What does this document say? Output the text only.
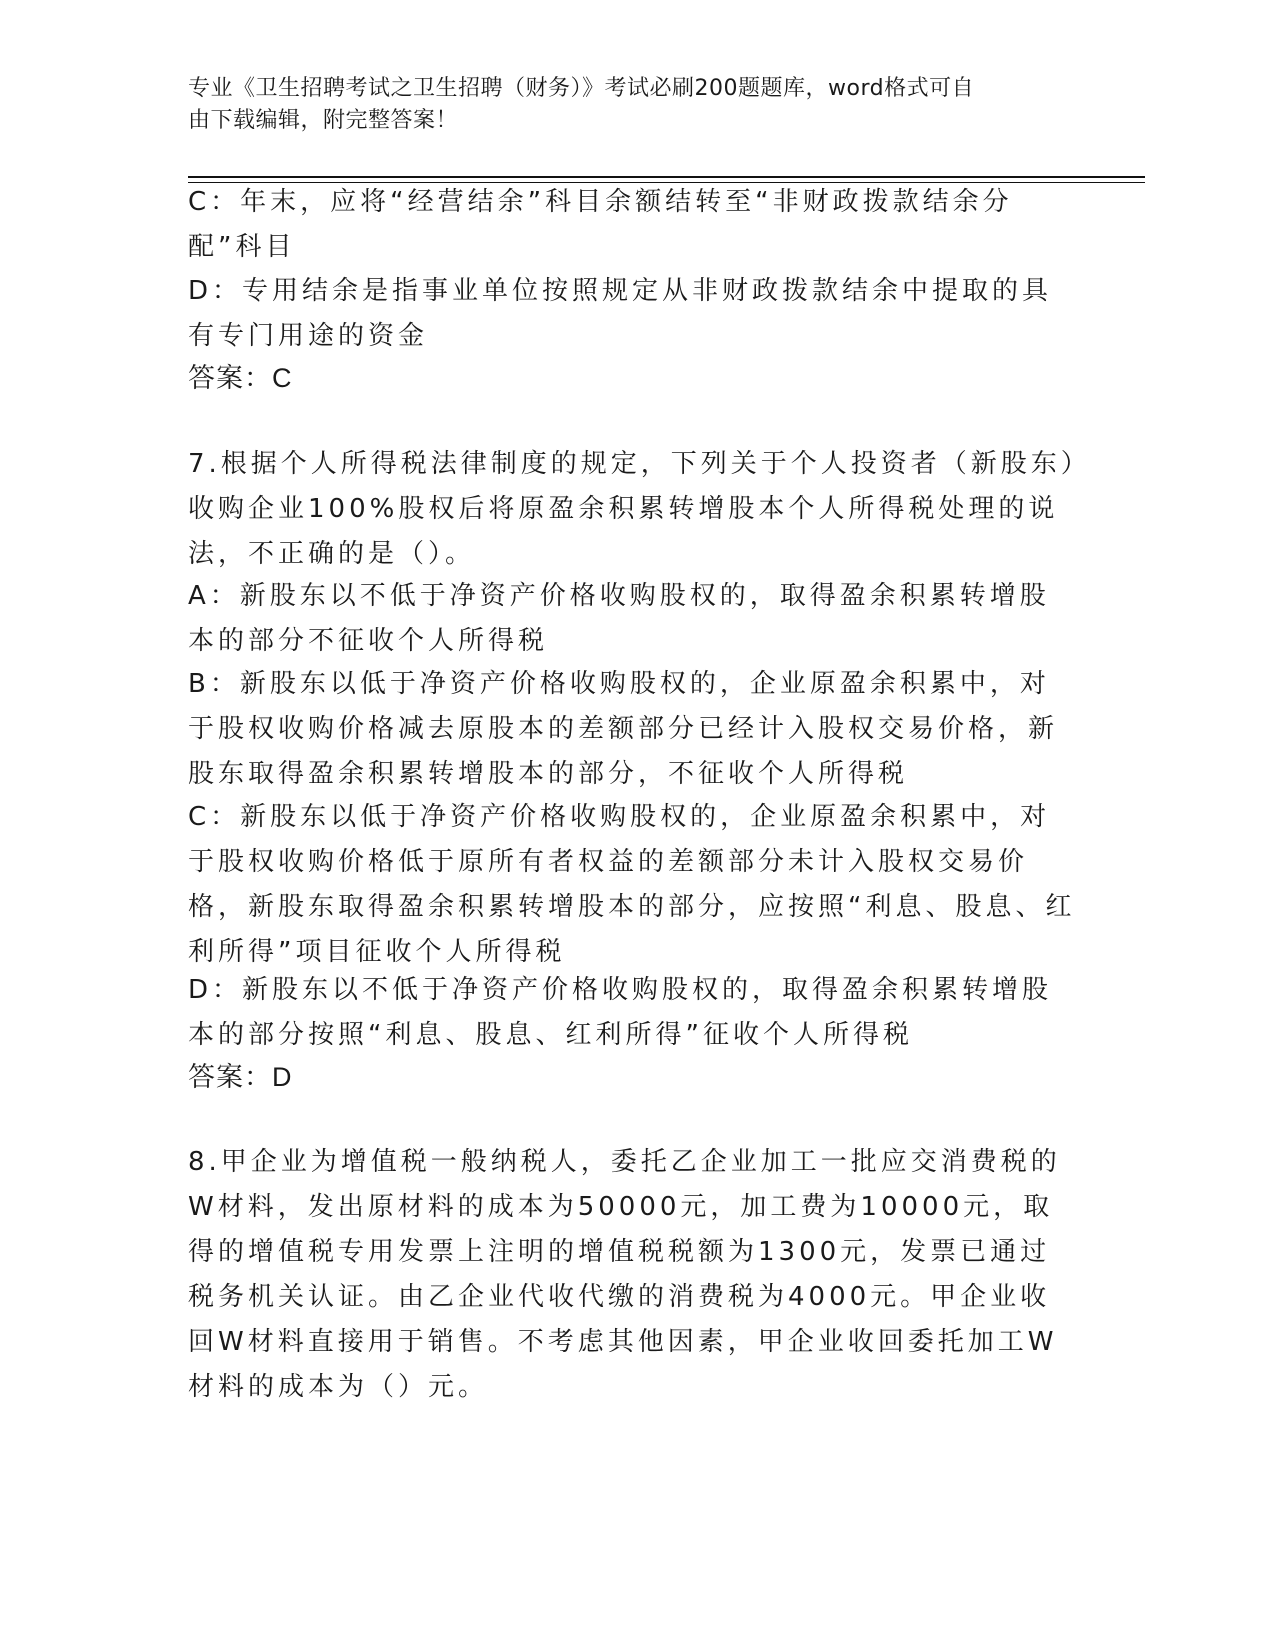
专业《卫生招聘考试之卫生招聘（财务）》考试必刷200题题库，word格式可自
由下载编辑，附完整答案！
C：年末，应将“经营结余”科目余额结转至“非财政拨款结余分配”科目
D：专用结余是指事业单位按照规定从非财政拨款结余中提取的具有专门用途的资金
答案：C
7.根据个人所得税法律制度的规定，下列关于个人投资者（新股东）收购企业100%股权后将原盈余积累转增股本个人所得税处理的说法，不正确的是（）。
A：新股东以不低于净资产价格收购股权的，取得盈余积累转增股本的部分不征收个人所得税
B：新股东以低于净资产价格收购股权的，企业原盈余积累中，对于股权收购价格减去原股本的差额部分已经计入股权交易价格，新股东取得盈余积累转增股本的部分，不征收个人所得税
C：新股东以低于净资产价格收购股权的，企业原盈余积累中，对于股权收购价格低于原所有者权益的差额部分未计入股权交易价格，新股东取得盈余积累转增股本的部分，应按照“利息、股息、红利所得”项目征收个人所得税
D：新股东以不低于净资产价格收购股权的，取得盈余积累转增股本的部分按照“利息、股息、红利所得”征收个人所得税
答案：D
8.甲企业为增值税一般纳税人，委托乙企业加工一批应交消费税的W材料，发出原材料的成本为50000元，加工费为10000元，取得的增值税专用发票上注明的增值税税额为1300元，发票已通过税务机关认证。由乙企业代收代缴的消费税为4000元。甲企业收回W材料直接用于销售。不考虑其他因素，甲企业收回委托加工W材料的成本为（）元。
